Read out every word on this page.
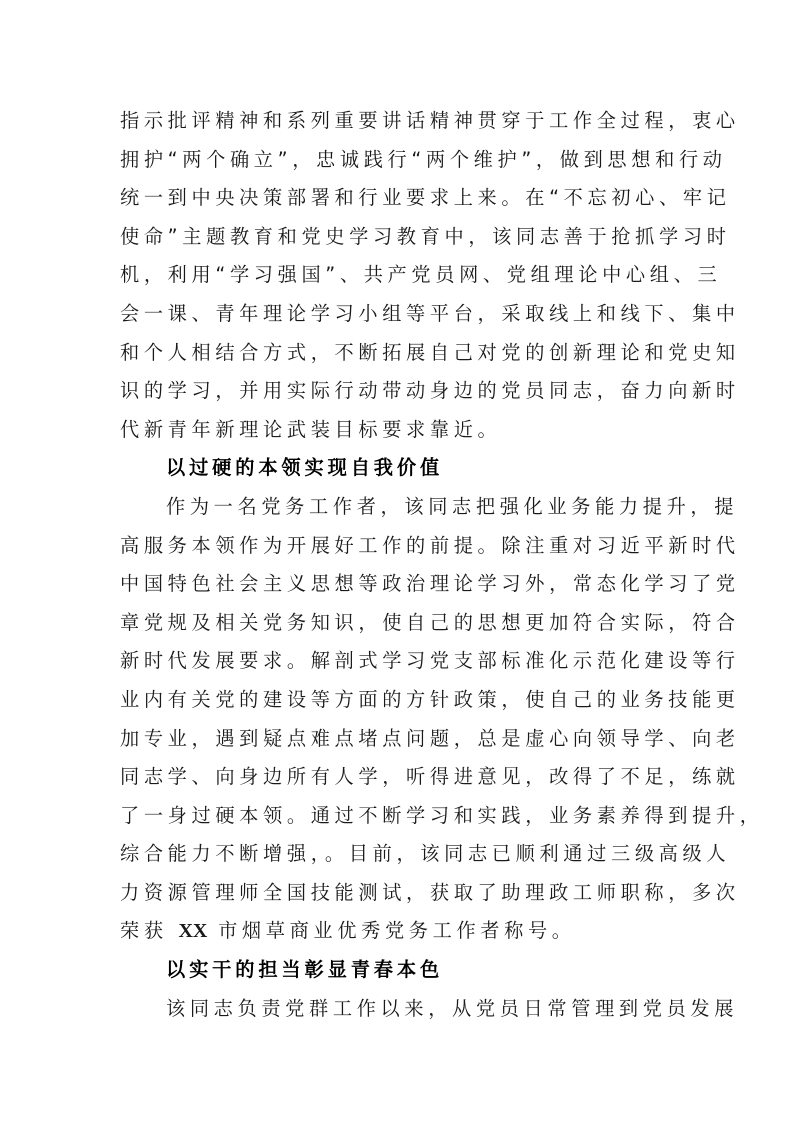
指示批评精神和系列重要讲话精神贯穿于工作全过程，衷心
拥护“两个确立”，忠诚践行“两个维护”，做到思想和行动
统一到中央决策部署和行业要求上来。在“不忘初心、牢记
使命”主题教育和党史学习教育中，该同志善于抢抓学习时
机，利用“学习强国”、共产党员网、党组理论中心组、三
会一课、青年理论学习小组等平台，采取线上和线下、集中
和个人相结合方式，不断拓展自己对党的创新理论和党史知
识的学习，并用实际行动带动身边的党员同志，奋力向新时
代新青年新理论武装目标要求靠近。
以过硬的本领实现自我价值
作为一名党务工作者，该同志把强化业务能力提升，提
高服务本领作为开展好工作的前提。除注重对习近平新时代
中国特色社会主义思想等政治理论学习外，常态化学习了党
章党规及相关党务知识，使自己的思想更加符合实际，符合
新时代发展要求。解剖式学习党支部标准化示范化建设等行
业内有关党的建设等方面的方针政策，使自己的业务技能更
加专业，遇到疑点难点堵点问题，总是虚心向领导学、向老
同志学、向身边所有人学，听得进意见，改得了不足，练就
了一身过硬本领。通过不断学习和实践，业务素养得到提升，
综合能力不断增强，。目前，该同志已顺利通过三级高级人
力资源管理师全国技能测试，获取了助理政工师职称，多次
荣获 XX 市烟草商业优秀党务工作者称号。
以实干的担当彰显青春本色
该同志负责党群工作以来，从党员日常管理到党员发展
